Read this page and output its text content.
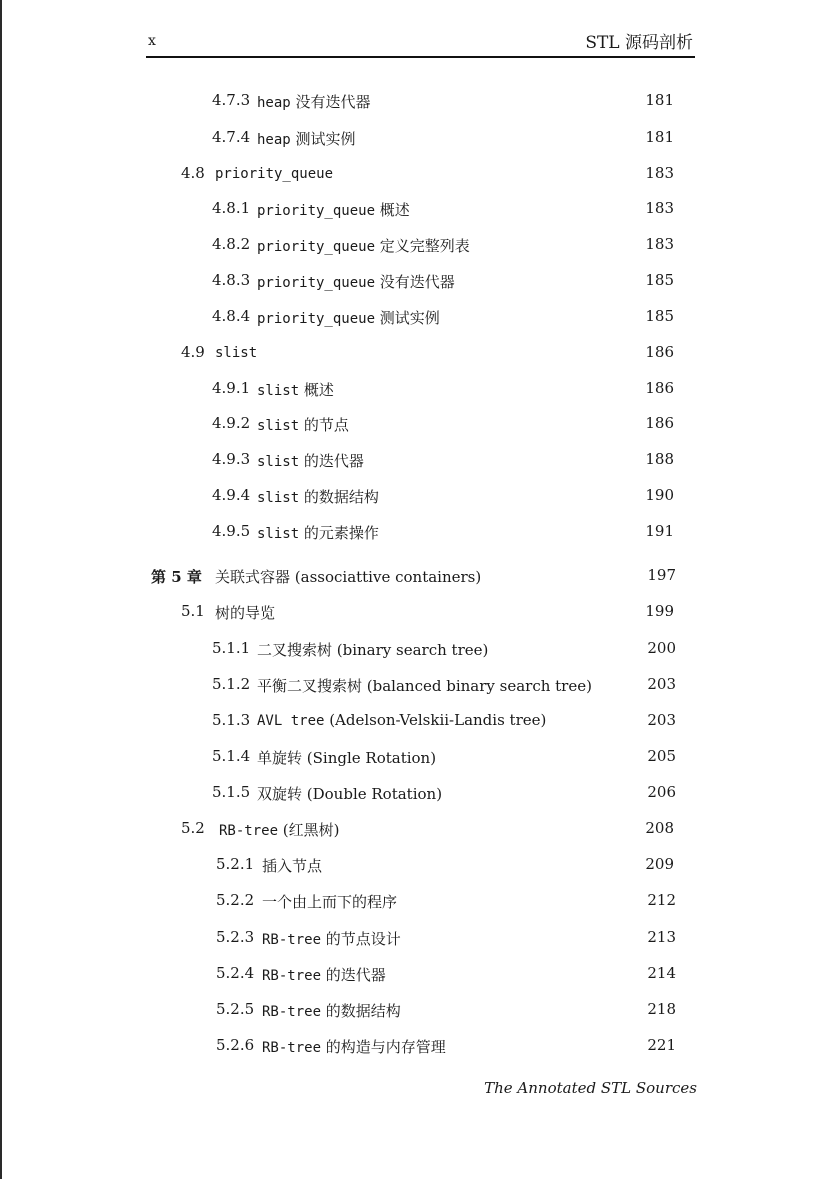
x	STL 源码剖析
4.7.3 heap 没有迭代器	181
4.7.4 heap 测试实例	181
4.8 priority_queue	183
4.8.1 priority_queue 概述	183
4.8.2 priority_queue 定义完整列表	183
4.8.3 priority_queue 没有迭代器	185
4.8.4 priority_queue 测试实例	185
4.9 slist	186
4.9.1 slist 概述	186
4.9.2 slist 的节点	186
4.9.3 slist 的迭代器	188
4.9.4 slist 的数据结构	190
4.9.5 slist 的元素操作	191
第 5 章 关联式容器 (associattive containers)	197
5.1 树的导览	199
5.1.1 二叉搜索树 (binary search tree)	200
5.1.2 平衡二叉搜索树 (balanced binary search tree)	203
5.1.3 AVL tree (Adelson-Velskii-Landis tree)	203
5.1.4 单旋转 (Single Rotation)	205
5.1.5 双旋转 (Double Rotation)	206
5.2 RB-tree (红黑树)	208
5.2.1 插入节点	209
5.2.2 一个由上而下的程序	212
5.2.3 RB-tree 的节点设计	213
5.2.4 RB-tree 的迭代器	214
5.2.5 RB-tree 的数据结构	218
5.2.6 RB-tree 的构造与内存管理	221
The Annotated STL Sources
